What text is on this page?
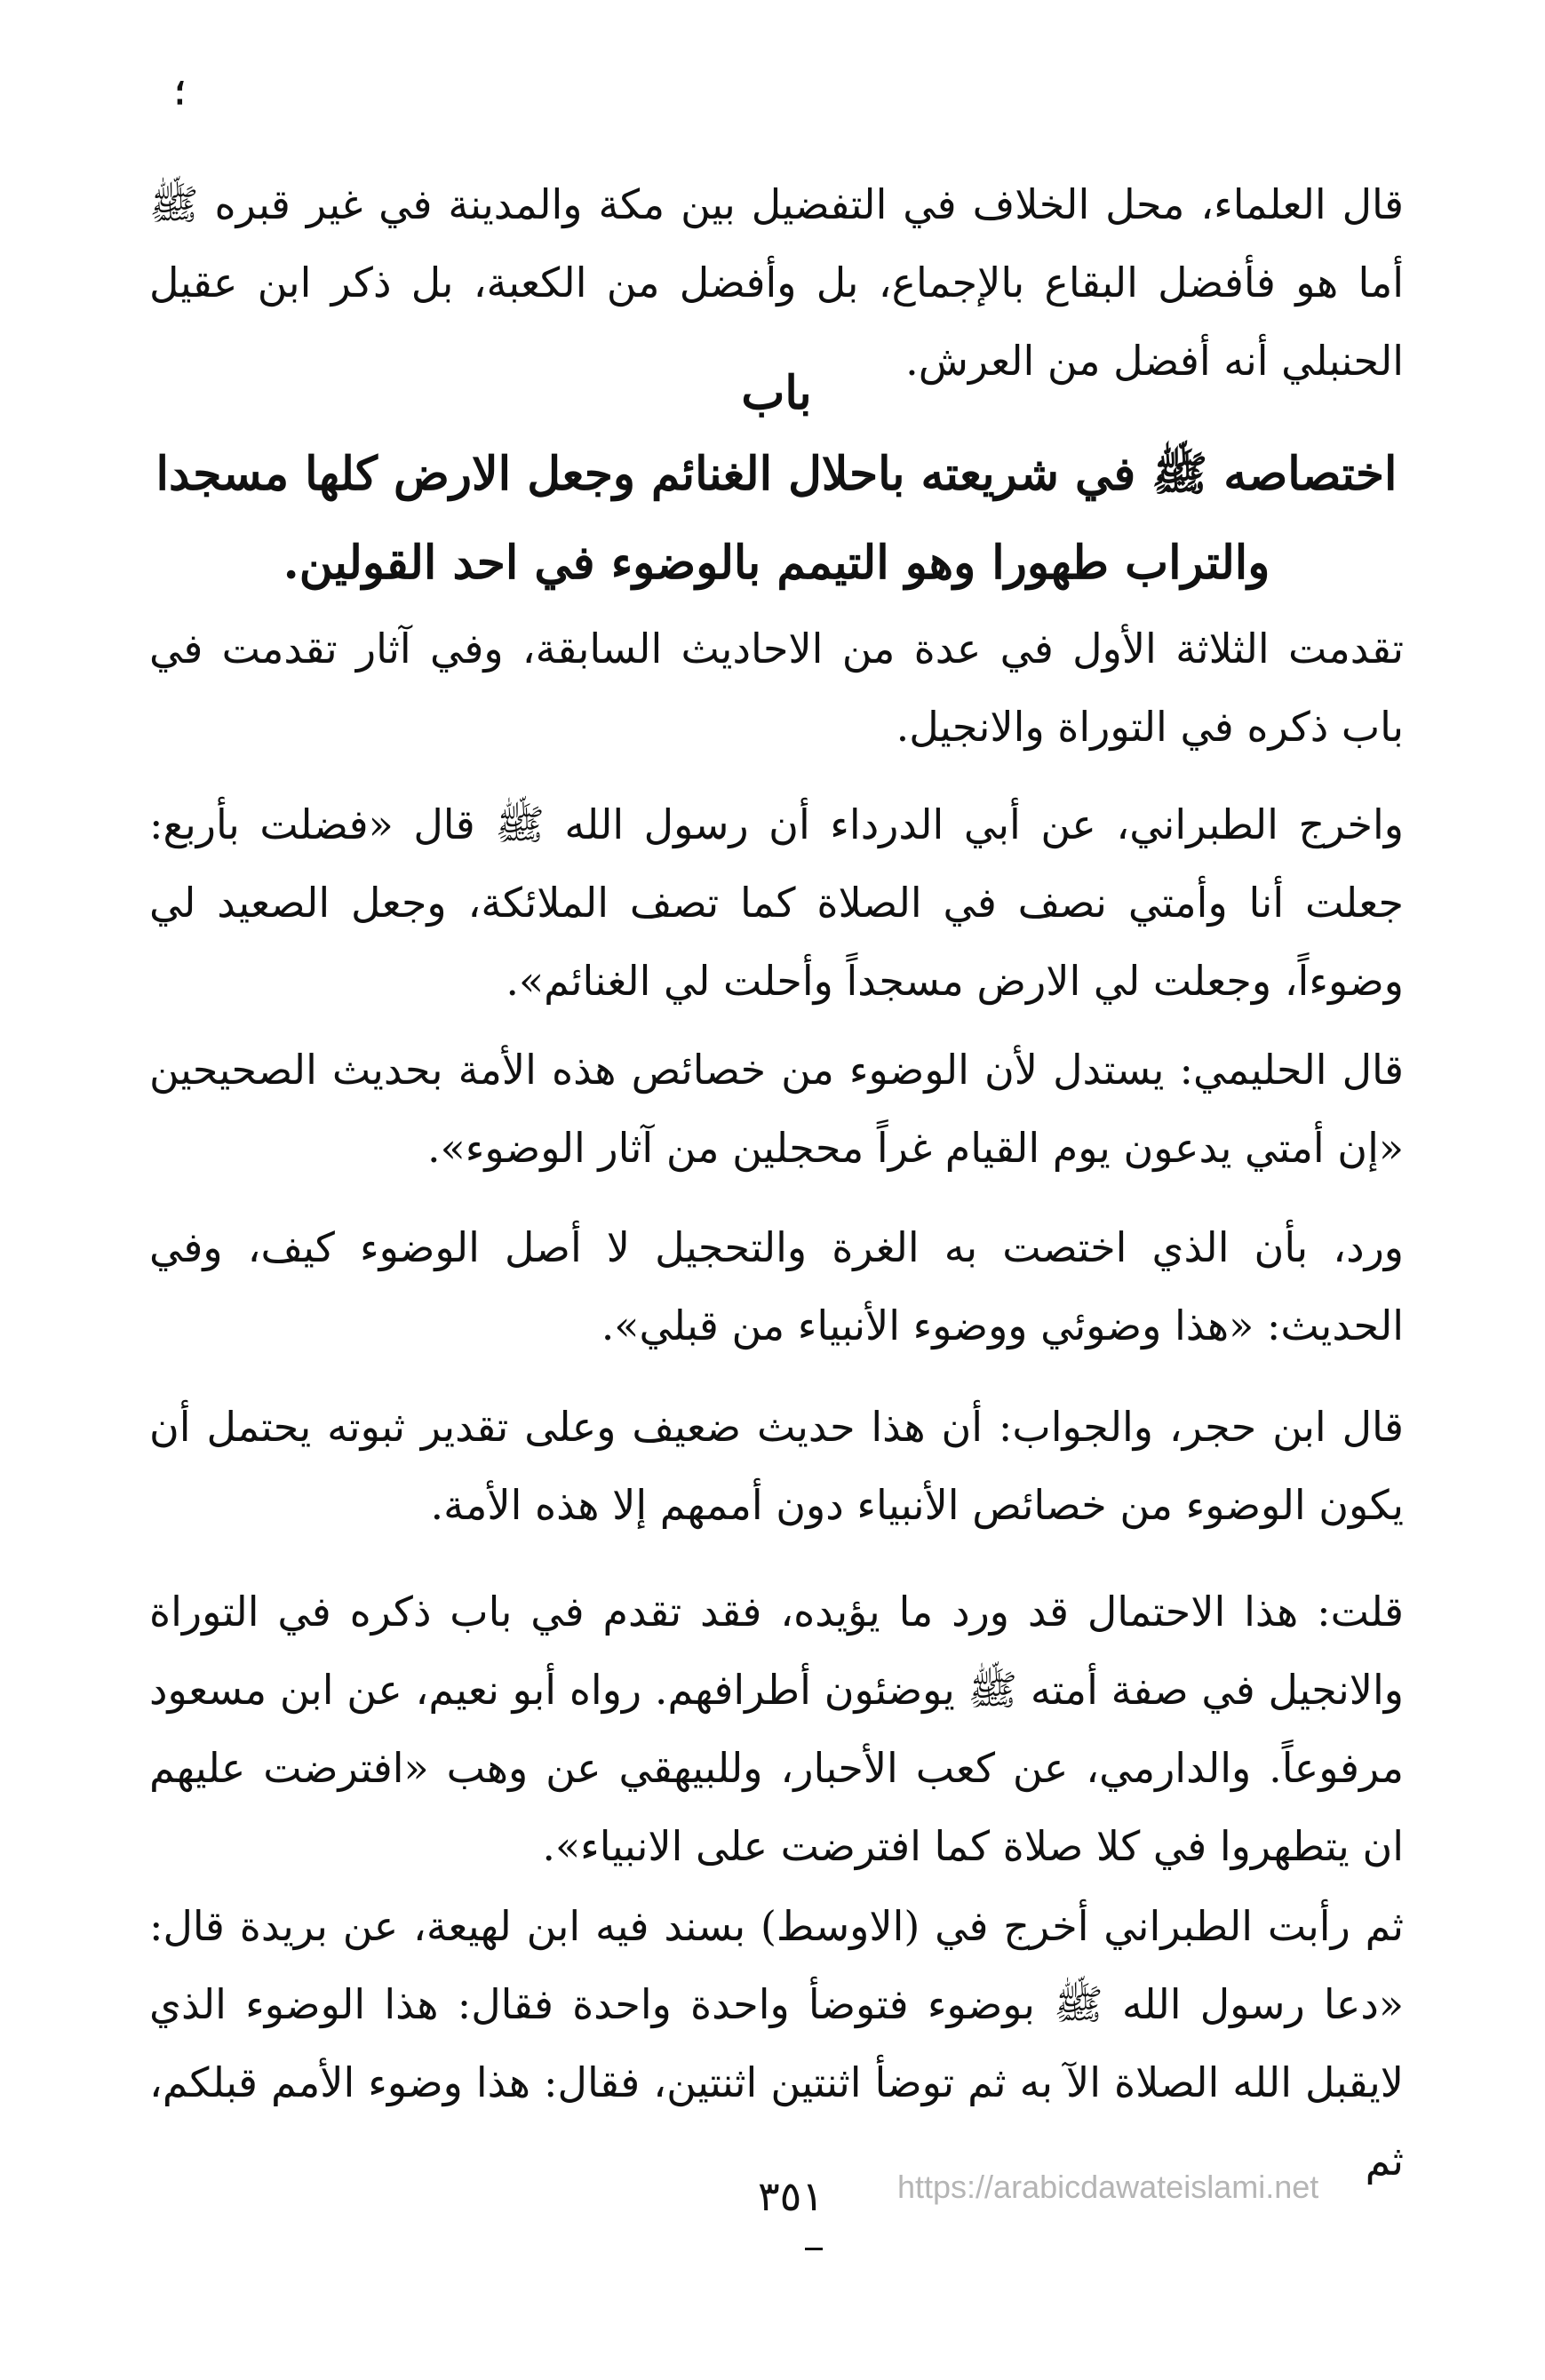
؛

قال العلماء، محل الخلاف في التفضيل بين مكة والمدينة في غير قبره ﷺ أما هو فأفضل البقاع بالإجماع، بل وأفضل من الكعبة، بل ذكر ابن عقيل الحنبلي أنه أفضل من العرش.

باب
اختصاصه ﷺ في شريعته باحلال الغنائم وجعل الارض كلها مسجدا والتراب طهورا وهو التيمم بالوضوء في احد القولين.

تقدمت الثلاثة الأول في عدة من الاحاديث السابقة، وفي آثار تقدمت في باب ذكره في التوراة والانجيل.

واخرج الطبراني، عن أبي الدرداء أن رسول الله ﷺ قال «فضلت بأربع: جعلت أنا وأمتي نصف في الصلاة كما تصف الملائكة، وجعل الصعيد لي وضوءاً، وجعلت لي الارض مسجداً وأحلت لي الغنائم».

قال الحليمي: يستدل لأن الوضوء من خصائص هذه الأمة بحديث الصحيحين «إن أمتي يدعون يوم القيام غراً محجلين من آثار الوضوء».

ورد، بأن الذي اختصت به الغرة والتحجيل لا أصل الوضوء كيف، وفي الحديث: «هذا وضوئي ووضوء الأنبياء من قبلي».

قال ابن حجر، والجواب: أن هذا حديث ضعيف وعلى تقدير ثبوته يحتمل أن يكون الوضوء من خصائص الأنبياء دون أممهم إلا هذه الأمة.

قلت: هذا الاحتمال قد ورد ما يؤيده، فقد تقدم في باب ذكره في التوراة والانجيل في صفة أمته ﷺ يوضئون أطرافهم. رواه أبو نعيم، عن ابن مسعود مرفوعاً. والدارمي، عن كعب الأحبار، وللبيهقي عن وهب «افترضت عليهم ان يتطهروا في كلا صلاة كما افترضت على الانبياء».

ثم رأبت الطبراني أخرج في (الاوسط) بسند فيه ابن لهيعة، عن بريدة قال: «دعا رسول الله ﷺ بوضوء فتوضأ واحدة واحدة فقال: هذا الوضوء الذي لايقبل الله الصلاة الآ به ثم توضأ اثنتين اثنتين، فقال: هذا وضوء الأمم قبلكم، ثم

٣٥١	https://arabicdawateislami.net
